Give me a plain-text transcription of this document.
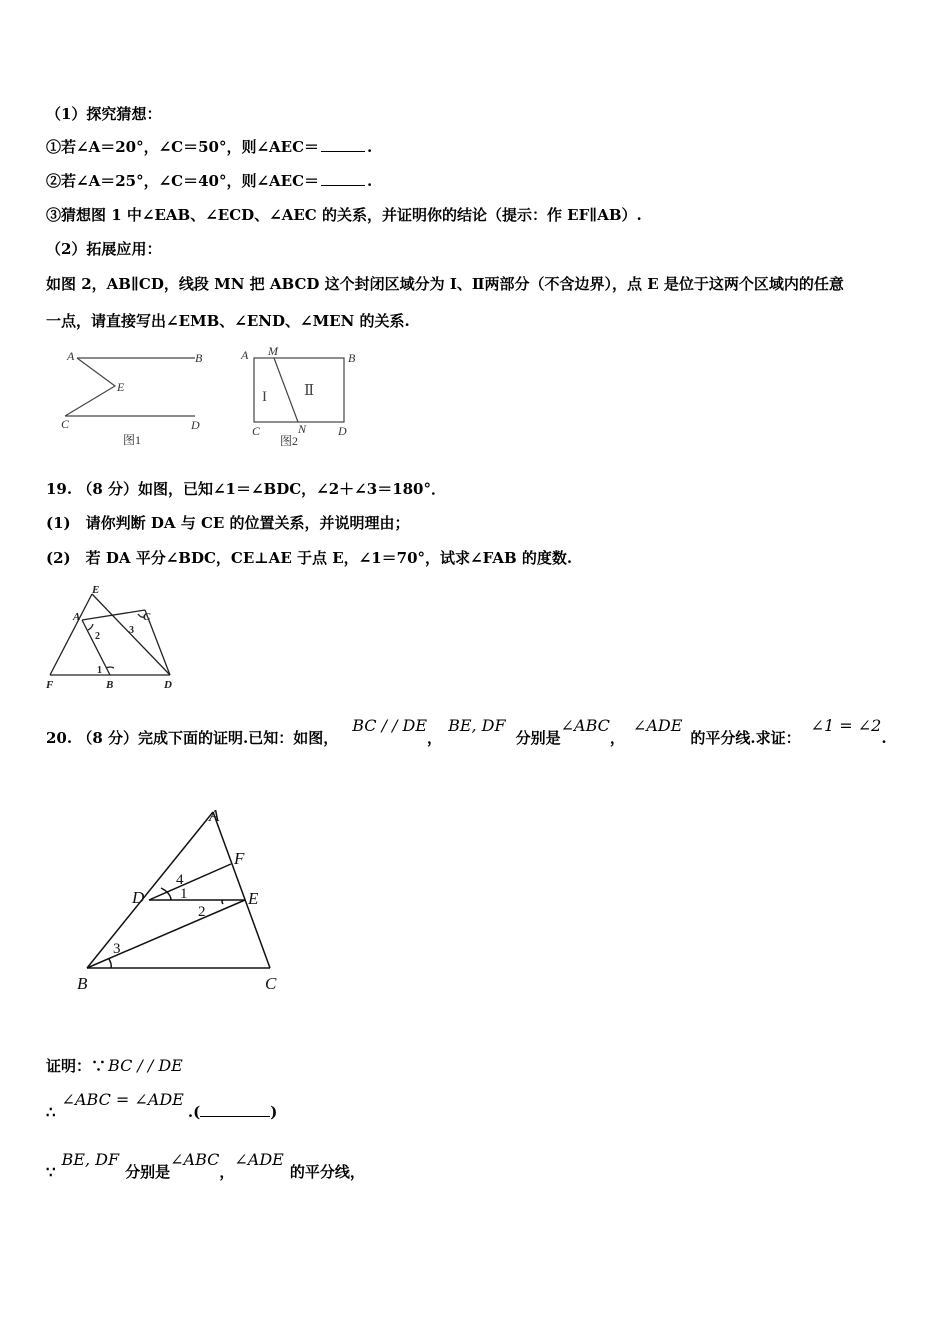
（1）探究猜想：
①若∠A＝20°，∠C＝50°，则∠AEC＝	.
②若∠A＝25°，∠C＝40°，则∠AEC＝	.
③猜想图 1 中∠EAB、∠ECD、∠AEC 的关系，并证明你的结论（提示：作 EF∥AB）.
（2）拓展应用：
如图 2，AB∥CD，线段 MN 把 ABCD 这个封闭区域分为 I、Ⅱ两部分（不含边界），点 E 是位于这两个区域内的任意
一点，请直接写出∠EMB、∠END、∠MEN 的关系.
A	B
E
C	D
图1
A M	B
C	N	D
I Ⅱ
图2
19. （8 分）如图，已知∠1＝∠BDC，∠2＋∠3＝180°．
(1)　请你判断 DA 与 CE 的位置关系，并说明理由；
(2)　若 DA 平分∠BDC，CE⊥AE 于点 E，∠1＝70°，试求∠FAB 的度数.
E
A	C
F	B	D
1
2
3
20. （8 分）完成下面的证明.已知：如图，BC / / DE，BE, DF分别是∠ABC，∠ADE的平分线.求证：∠1 = ∠2.
A
F
D	E
B	C
4
1
2
3
证明：∵ BC / / DE
∴∠ABC = ∠ADE.(	)
∵BE, DF分别是∠ABC，∠ADE的平分线，
